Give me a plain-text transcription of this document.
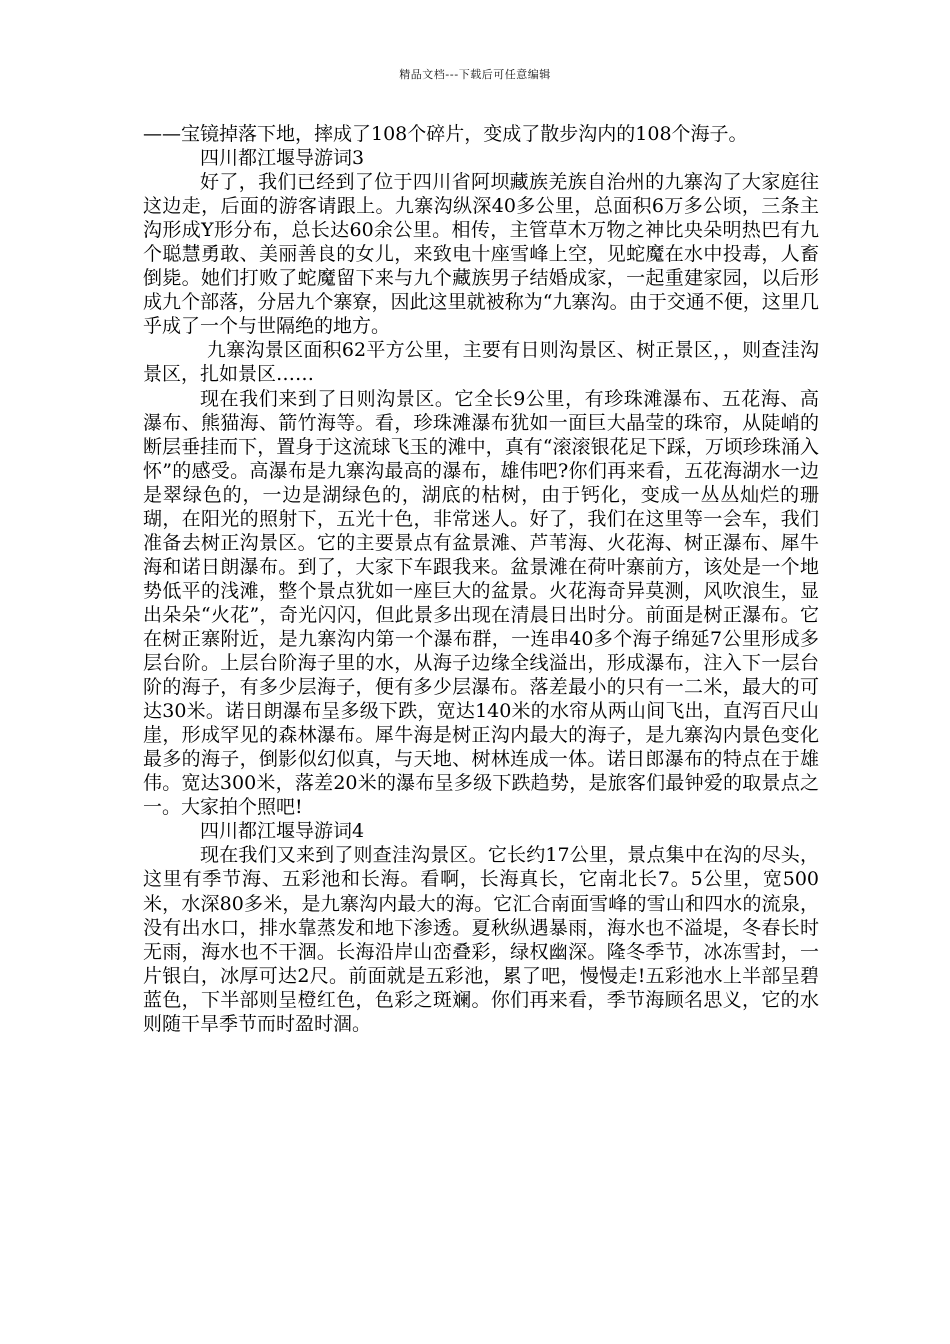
精品文档---下载后可任意编辑

——宝镜掉落下地，摔成了108个碎片，变成了散步沟内的108个海子。

四川都江堰导游词3

好了，我们已经到了位于四川省阿坝藏族羌族自治州的九寨沟了大家庭往这边走，后面的游客请跟上。九寨沟纵深40多公里，总面积6万多公顷，三条主沟形成Y形分布，总长达60余公里。相传，主管草木万物之神比央朵明热巴有九个聪慧勇敢、美丽善良的女儿，来致电十座雪峰上空，见蛇魔在水中投毒，人畜倒毙。她们打败了蛇魔留下来与九个藏族男子结婚成家，一起重建家园，以后形成九个部落，分居九个寨寮，因此这里就被称为“九寨沟。由于交通不便，这里几乎成了一个与世隔绝的地方。

九寨沟景区面积62平方公里，主要有日则沟景区、树正景区，，则查洼沟景区，扎如景区……

现在我们来到了日则沟景区。它全长9公里，有珍珠滩瀑布、五花海、高瀑布、熊猫海、箭竹海等。看，珍珠滩瀑布犹如一面巨大晶莹的珠帘，从陡峭的断层垂挂而下，置身于这流球飞玉的滩中，真有“滚滚银花足下踩，万顷珍珠涌入怀”的感受。高瀑布是九寨沟最高的瀑布，雄伟吧?你们再来看，五花海湖水一边是翠绿色的，一边是湖绿色的，湖底的枯树，由于钙化，变成一丛丛灿烂的珊瑚，在阳光的照射下，五光十色，非常迷人。好了，我们在这里等一会车，我们准备去树正沟景区。它的主要景点有盆景滩、芦苇海、火花海、树正瀑布、犀牛海和诺日朗瀑布。到了，大家下车跟我来。盆景滩在荷叶寨前方，该处是一个地势低平的浅滩，整个景点犹如一座巨大的盆景。火花海奇异莫测，风吹浪生，显出朵朵“火花”，奇光闪闪，但此景多出现在清晨日出时分。前面是树正瀑布。它在树正寨附近，是九寨沟内第一个瀑布群，一连串40多个海子绵延7公里形成多层台阶。上层台阶海子里的水，从海子边缘全线溢出，形成瀑布，注入下一层台阶的海子，有多少层海子，便有多少层瀑布。落差最小的只有一二米，最大的可达30米。诺日朗瀑布呈多级下跌，宽达140米的水帘从两山间飞出，直泻百尺山崖，形成罕见的森林瀑布。犀牛海是树正沟内最大的海子，是九寨沟内景色变化最多的海子，倒影似幻似真，与天地、树林连成一体。诺日郎瀑布的特点在于雄伟。宽达300米，落差20米的瀑布呈多级下跌趋势，是旅客们最钟爱的取景点之一。大家拍个照吧!

四川都江堰导游词4

现在我们又来到了则查洼沟景区。它长约17公里，景点集中在沟的尽头，这里有季节海、五彩池和长海。看啊，长海真长，它南北长7。5公里，宽500米，水深80多米，是九寨沟内最大的海。它汇合南面雪峰的雪山和四水的流泉，没有出水口，排水靠蒸发和地下渗透。夏秋纵遇暴雨，海水也不溢堤，冬春长时无雨，海水也不干涸。长海沿岸山峦叠彩，绿权幽深。隆冬季节，冰冻雪封，一片银白，冰厚可达2尺。前面就是五彩池，累了吧，慢慢走!五彩池水上半部呈碧蓝色，下半部则呈橙红色，色彩之斑斓。你们再来看，季节海顾名思义，它的水则随干旱季节而时盈时涸。
